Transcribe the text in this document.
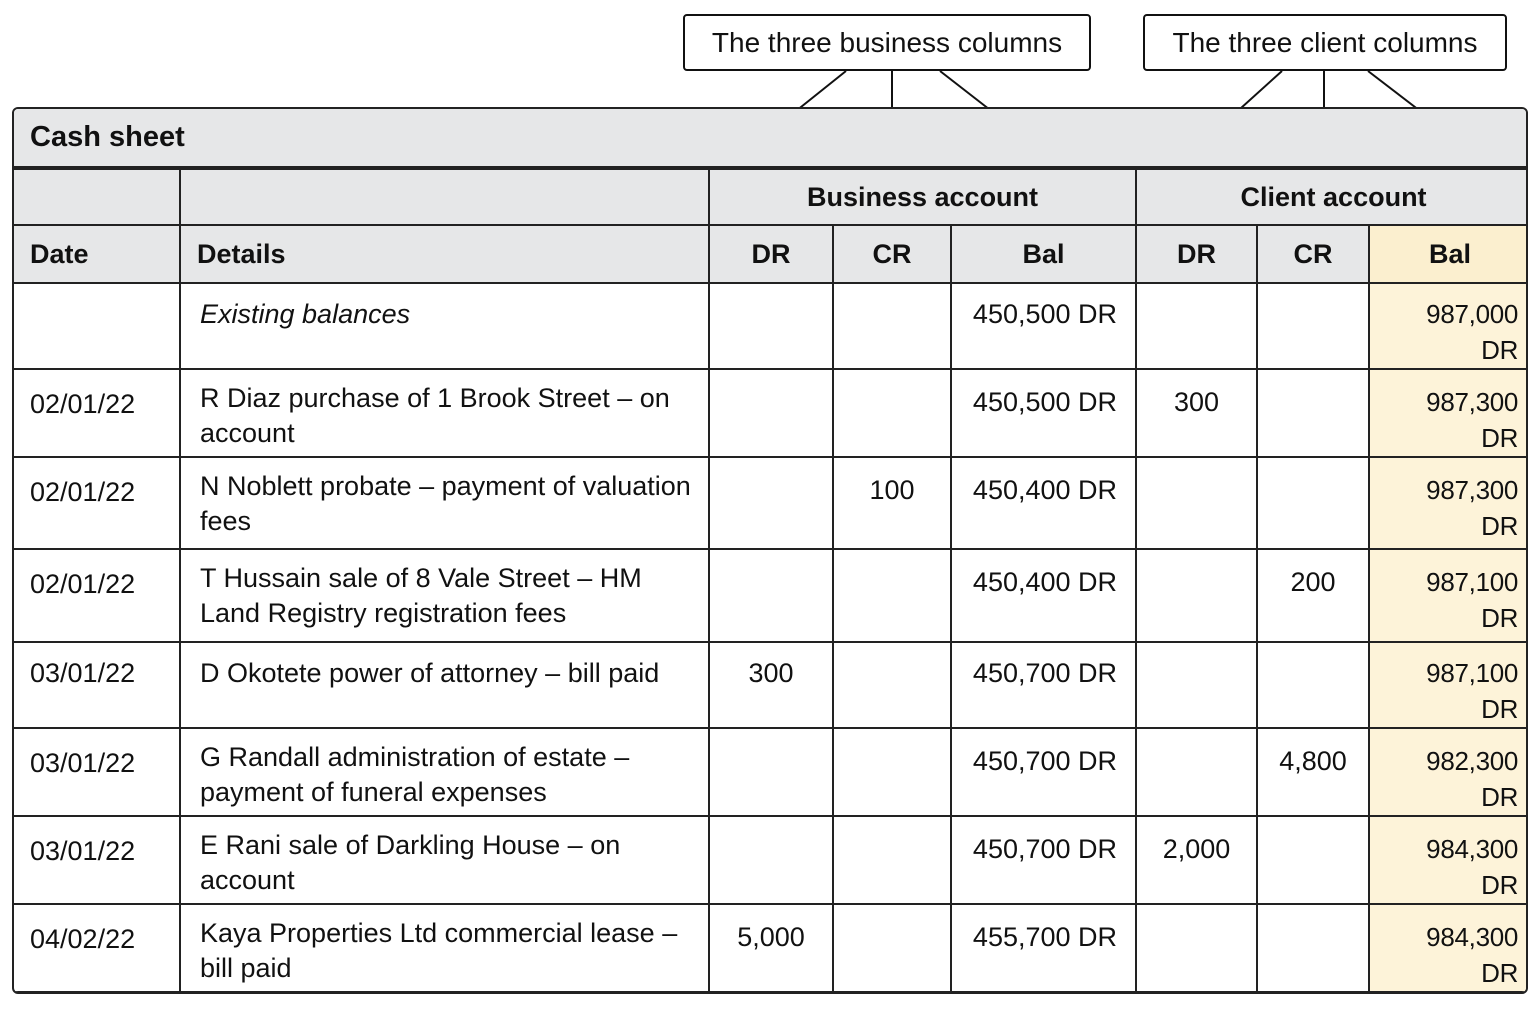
The three business columns	The three client columns
Cash sheet
		Business account			Client account		
Date	Details	DR	CR	Bal	DR	CR	Bal
	Existing balances			450,500 DR			987,000 DR
02/01/22	R Diaz purchase of 1 Brook Street – on account			450,500 DR	300		987,300 DR
02/01/22	N Noblett probate – payment of valuation fees		100	450,400 DR			987,300 DR
02/01/22	T Hussain sale of 8 Vale Street – HM Land Registry registration fees			450,400 DR		200	987,100 DR
03/01/22	D Okotete power of attorney – bill paid	300		450,700 DR			987,100 DR
03/01/22	G Randall administration of estate – payment of funeral expenses			450,700 DR		4,800	982,300 DR
03/01/22	E Rani sale of Darkling House – on account			450,700 DR	2,000		984,300 DR
04/02/22	Kaya Properties Ltd commercial lease – bill paid	5,000		455,700 DR			984,300 DR
